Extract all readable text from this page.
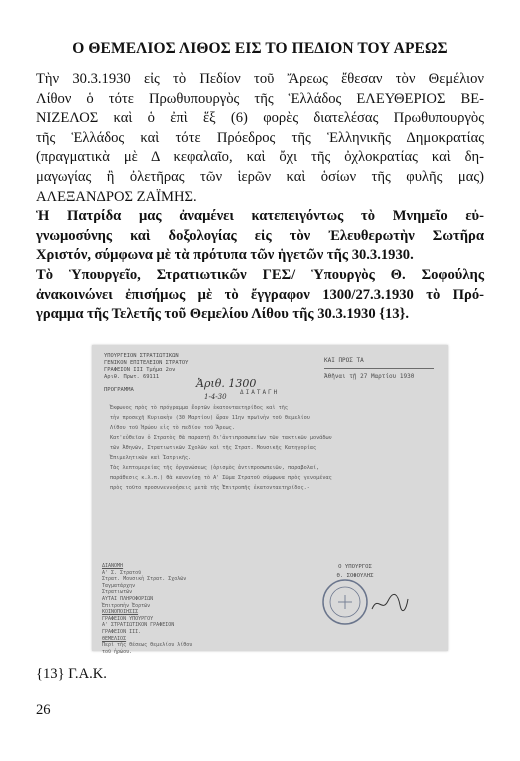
Ο ΘΕΜΕΛΙΟΣ ΛΙΘΟΣ ΕΙΣ ΤΟ ΠΕΔΙΟΝ ΤΟΥ ΑΡΕΩΣ
Τὴν 30.3.1930 εἰς τὸ Πεδίον τοῦ Ἄρεως ἔθεσαν τὸν Θεμέλιον
Λίθον ὁ τότε Πρωθυπουργὸς τῆς Ἑλλάδος ΕΛΕΥΘΕΡΙΟΣ ΒΕ-
ΝΙΖΕΛΟΣ καὶ ὁ ἐπὶ ἕξ (6) φορὲς διατελέσας Πρωθυπουργὸς
τῆς Ἑλλάδος καὶ τότε Πρόεδρος τῆς Ἑλληνικῆς Δημοκρατίας
(πραγματικὰ μὲ Δ κεφαλαῖο, καὶ ὄχι τῆς ὀχλοκρατίας καὶ δη-
μαγωγίας ἢ ὀλετῆρας τῶν ἱερῶν καὶ ὁσίων τῆς φυλῆς μας)
ΑΛΕΞΑΝΔΡΟΣ ΖΑΪΜΗΣ.
Ἡ Πατρίδα μας ἀναμένει κατεπειγόντως τὸ Μνημεῖο εὐ-
γνωμοσύνης καὶ δοξολογίας εἰς τὸν Ἐλευθερωτὴν Σωτῆρα
Χριστόν, σύμφωνα μὲ τὰ πρότυπα τῶν ἡγετῶν τῆς 30.3.1930.
Τὸ Ὑπουργεῖο, Στρατιωτικῶν ΓΕΣ/ Ὑπουργὸς Θ. Σοφούλης
ἀνακοινώνει ἐπισήμως μὲ τὸ ἔγγραφον 1300/27.3.1930 τὸ Πρό-
γραμμα τῆς Τελετῆς τοῦ Θεμελίου Λίθου τῆς 30.3.1930 {13}.
ΥΠΟΥΡΓΕΙΟΝ ΣΤΡΑΤΙΩΤΙΚΩΝ
ΓΕΝΙΚΟΝ ΕΠΙΤΕΛΕΙΟΝ ΣΤΡΑΤΟΥ
ΓΡΑΦΕΙΟΝ ΙΙΙ Τμήμα 2ον
Αριθ. Πρωτ. 69111
ΚΑΙ ΠΡΟΣ ΤΑ
Ἀθῆναι τῇ 27 Μαρτίου 1930
ΠΡΟΓΡΑΜΜΑ	Ἀριθ. 1300
1-4-30
ΔΙΑΤΑΓΗ
Ἐκφωνος πρὸς τὸ πρόγραμμα ἔορτῶν ἐκατονταετηρίδος καὶ τῆς
τὴν προσεχῆ Κυριακὴν (30 Μαρτίου) ὥραν 11ην πρωϊνὴν τοῦ θεμελίου
Λίθου τοῦ Ἡρώου εἰς τὸ πεδίον τοῦ Ἄρεως.
Κατ'εὐθεῖαν ὁ Στρατὸς θὰ παραστῇ δι'ἀντιπροσωπείων τῶν τακτικῶν μονάδων
τῶν Ἀθηνῶν, Στρατιωτικῶν Σχολῶν καὶ τῆς Στρατ. Μουσικῆς Κατηγορίας
Ἐπιμελητικῶν καὶ Ἰατρικῆς.
Τὰς λεπτομερείας τῆς ὀργανώσεως (ὁρισμὸς ἀντιπροσωπειῶν, παραβολαί,
παράθεσις κ.λ.π.) θὰ κανονίσῃ τὸ Α' Σῶμα Στρατοῦ σύμφωνα πρὸς γενομένας
πρὸς τοῦτο προσυνεννοήσεις μετὰ τῆς Ἐπιτροπῆς ἐκατονταετηρίδος.-
ΔΙΑΝΟΜΗ
Α' Σ. Στρατοῦ
Στρατ. Μουσικὴ Στρατ. Σχολῶν
Ταγματάρχην
Στρατιωτῶν
ΑΥΤΑΙ ΠΛΗΡΟΦΟΡΙΩΝ
Ἐπιτροπὴν Ἐορτῶν
ΚΟΙΝΟΠΟΙΗΣΙΣ
ΓΡΑΦΕΙΟΝ ΥΠΟΥΡΓΟΥ
Α' ΣΤΡΑΤΙΩΤΙΚΟΝ ΓΡΑΦΕΙΟΝ
ΓΡΑΦΕΙΟΝ ΙΙΙ.
ΘΕΜΕΛΙΟΣ
Περὶ τῆς θέσεως θεμελίου λίθου
τοῦ ἡρώου.
Ο ΥΠΟΥΡΓΟΣ
Θ. ΣΟΦΟΥΛΗΣ
{13} Γ.Α.Κ.
26
